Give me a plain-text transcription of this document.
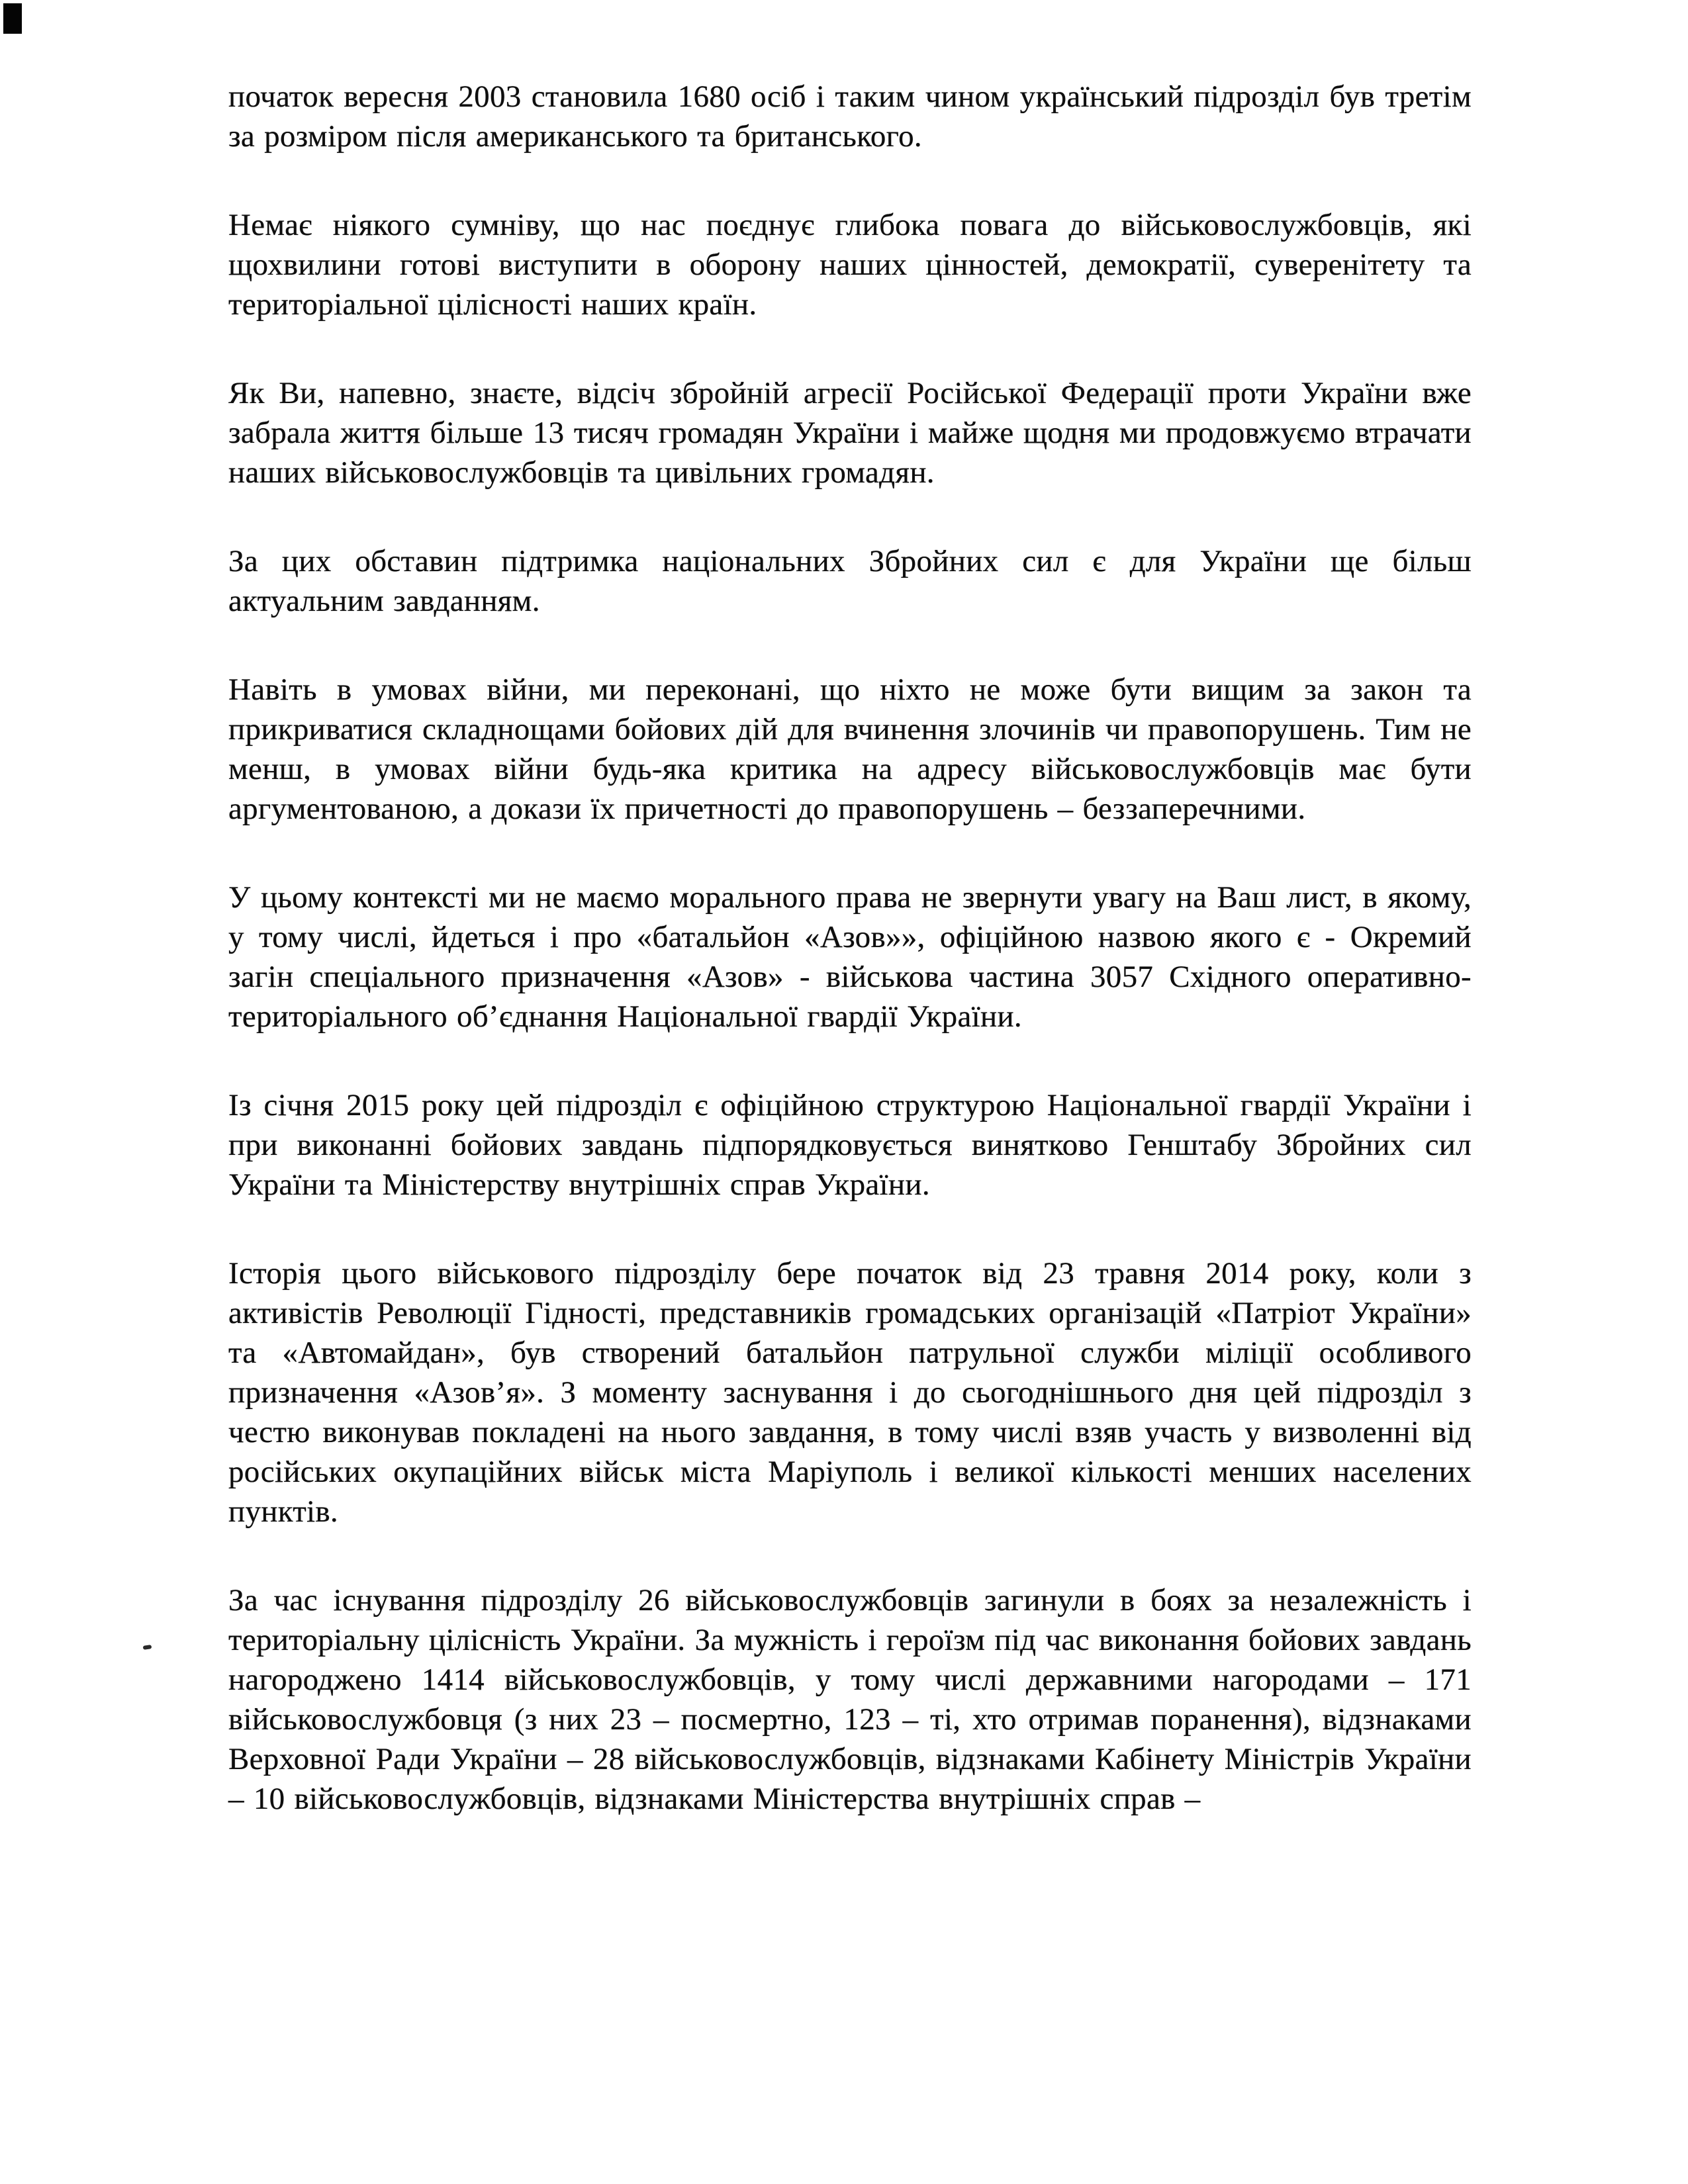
початок вересня 2003 становила 1680 осіб і таким чином український підрозділ був третім за розміром після американського та британського.

Немає ніякого сумніву, що нас поєднує глибока повага до військовослужбовців, які щохвилини готові виступити в оборону наших цінностей, демократії, суверенітету та територіальної цілісності наших країн.

Як Ви, напевно, знаєте, відсіч збройній агресії Російської Федерації проти України вже забрала життя більше 13 тисяч громадян України і майже щодня ми продовжуємо втрачати наших військовослужбовців та цивільних громадян.

За цих обставин підтримка національних Збройних сил є для України ще більш актуальним завданням.

Навіть в умовах війни, ми переконані, що ніхто не може бути вищим за закон та прикриватися складнощами бойових дій для вчинення злочинів чи правопорушень. Тим не менш, в умовах війни будь-яка критика на адресу військовослужбовців має бути аргументованою, а докази їх причетності до правопорушень – беззаперечними.

У цьому контексті ми не маємо морального права не звернути увагу на Ваш лист, в якому, у тому числі, йдеться і про «батальйон «Азов»», офіційною назвою якого є - Окремий загін спеціального призначення «Азов» - військова частина 3057 Східного оперативно-територіального об’єднання Національної гвардії України.

Із січня 2015 року цей підрозділ є офіційною структурою Національної гвардії України і при виконанні бойових завдань підпорядковується винятково Генштабу Збройних сил України та Міністерству внутрішніх справ України.

Історія цього військового підрозділу бере початок від 23 травня 2014 року, коли з активістів Революції Гідності, представників громадських організацій «Патріот України» та «Автомайдан», був створений батальйон патрульної служби міліції особливого призначення «Азов’я». З моменту заснування і до сьогоднішнього дня цей підрозділ з честю виконував покладені на нього завдання, в тому числі взяв участь у визволенні від російських окупаційних військ міста Маріуполь і великої кількості менших населених пунктів.

За час існування підрозділу 26 військовослужбовців загинули в боях за незалежність і територіальну цілісність України. За мужність і героїзм під час виконання бойових завдань нагороджено 1414 військовослужбовців, у тому числі державними нагородами – 171 військовослужбовця (з них 23 – посмертно, 123 – ті, хто отримав поранення), відзнаками Верховної Ради України – 28 військовослужбовців, відзнаками Кабінету Міністрів України – 10 військовослужбовців, відзнаками Міністерства внутрішніх справ –
